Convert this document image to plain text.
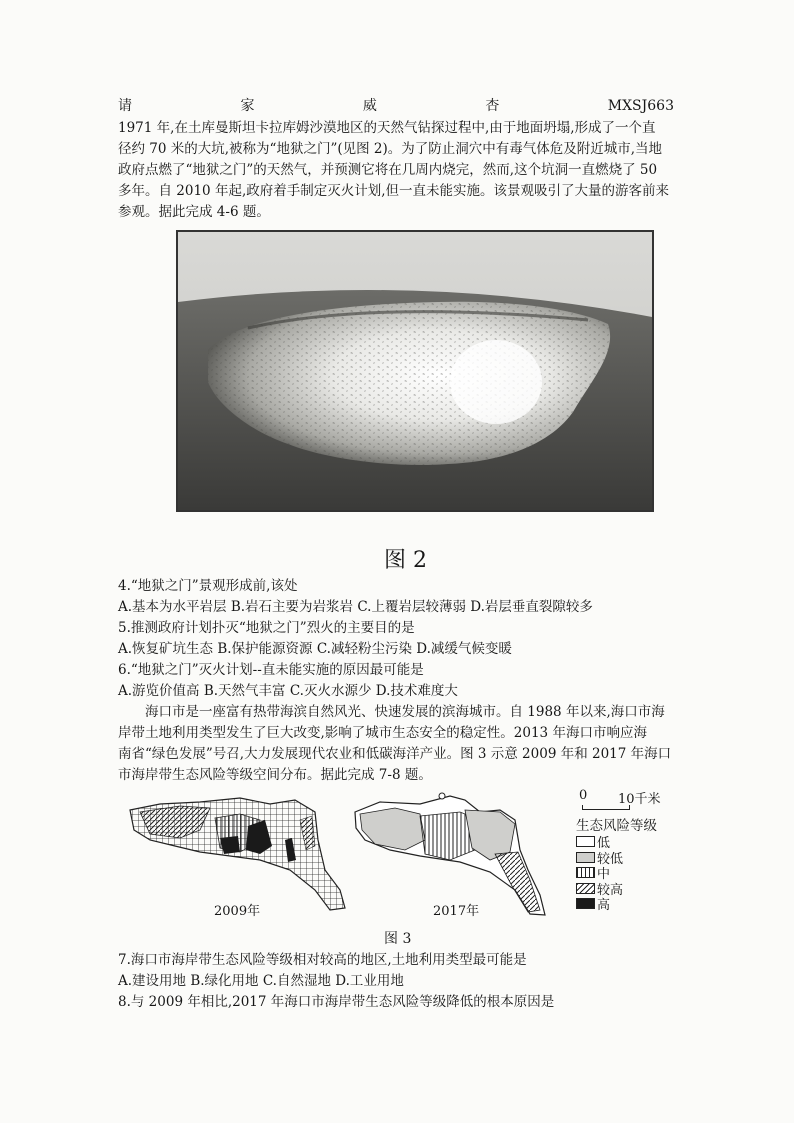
请	家	威	杏	MXSJ663
1971 年,在土库曼斯坦卡拉库姆沙漠地区的天然气钻探过程中,由于地面坍塌,形成了一个直
径约 70 米的大坑,被称为“地狱之门”(见图 2)。为了防止洞穴中有毒气体危及附近城市,当地
政府点燃了“地狱之门”的天然气，并预测它将在几周内烧完，然而,这个坑洞一直燃烧了 50
多年。自 2010 年起,政府着手制定灭火计划,但一直未能实施。该景观吸引了大量的游客前来
参观。据此完成 4-6 题。
图 2
4.“地狱之门”景观形成前,该处
A.基本为水平岩层 B.岩石主要为岩浆岩 C.上覆岩层较薄弱 D.岩层垂直裂隙较多
5.推测政府计划扑灭“地狱之门”烈火的主要目的是
A.恢复矿坑生态 B.保护能源资源 C.减轻粉尘污染 D.减缓气候变暖
6.“地狱之门”灭火计划--直未能实施的原因最可能是
A.游览价值高 B.天然气丰富 C.灭火水源少 D.技术难度大
海口市是一座富有热带海滨自然风光、快速发展的滨海城市。自 1988 年以来,海口市海
岸带土地利用类型发生了巨大改变,影响了城市生态安全的稳定性。2013 年海口市响应海
南省“绿色发展”号召,大力发展现代农业和低碳海洋产业。图 3 示意 2009 年和 2017 年海口
市海岸带生态风险等级空间分布。据此完成 7-8 题。
2009年	2017年
0 10千米
生态风险等级
低
较低
中
较高
高
图 3
7.海口市海岸带生态风险等级相对较高的地区,土地利用类型最可能是
A.建设用地 B.绿化用地 C.自然湿地 D.工业用地
8.与 2009 年相比,2017 年海口市海岸带生态风险等级降低的根本原因是
